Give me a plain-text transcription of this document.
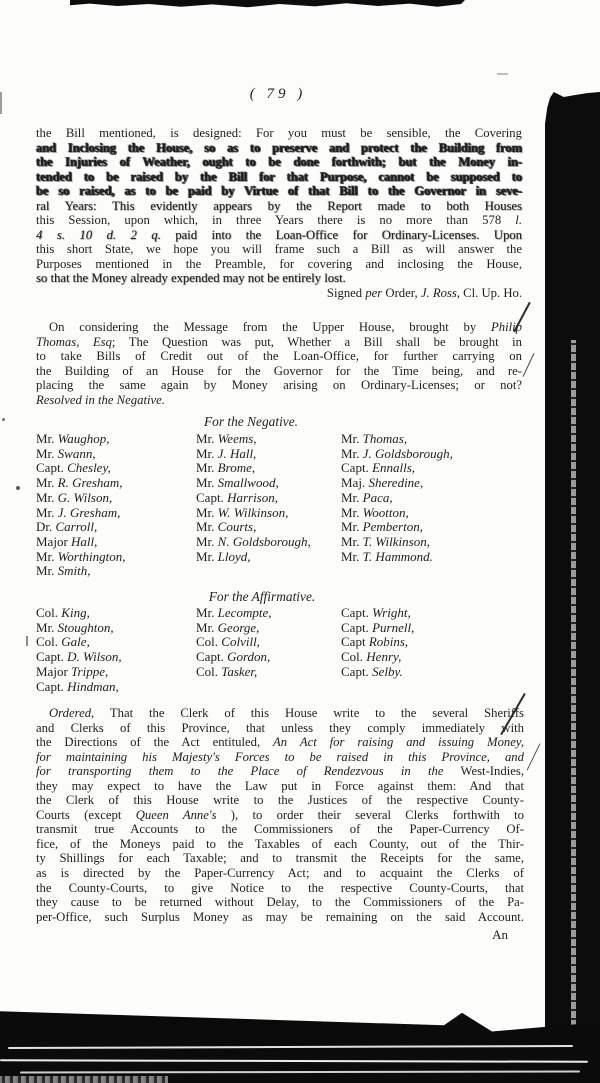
( 79 )
the Bill mentioned, is designed: For you must be sensible, the Covering
and Inclosing the House, so as to preserve and protect the Building from
the Injuries of Weather, ought to be done forthwith; but the Money in-
tended to be raised by the Bill for that Purpose, cannot be supposed to
be so raised, as to be paid by Virtue of that Bill to the Governor in seve-
ral Years: This evidently appears by the Report made to both Houses
this Session, upon which, in three Years there is no more than 578 l.
4 s. 10 d. 2 q. paid into the Loan-Office for Ordinary-Licenses. Upon
this short State, we hope you will frame such a Bill as will answer the
Purposes mentioned in the Preamble, for covering and inclosing the House,
so that the Money already expended may not be entirely lost.
Signed per Order, J. Ross, Cl. Up. Ho.
On considering the Message from the Upper House, brought by Philip
Thomas, Esq; The Question was put, Whether a Bill shall be brought in
to take Bills of Credit out of the Loan-Office, for further carrying on
the Building of an House for the Governor for the Time being, and re-
placing the same again by Money arising on Ordinary-Licenses; or not?
Resolved in the Negative.
For the Negative.
Mr. Waughop,
Mr. Swann,
Capt. Chesley,
Mr. R. Gresham,
Mr. G. Wilson,
Mr. J. Gresham,
Dr. Carroll,
Major Hall,
Mr. Worthington,
Mr. Smith,
Mr. Weems,
Mr. J. Hall,
Mr. Brome,
Mr. Smallwood,
Capt. Harrison,
Mr. W. Wilkinson,
Mr. Courts,
Mr. N. Goldsborough,
Mr. Lloyd,
Mr. Thomas,
Mr. J. Goldsborough,
Capt. Ennalls,
Maj. Sheredine,
Mr. Paca,
Mr. Wootton,
Mr. Pemberton,
Mr. T. Wilkinson,
Mr. T. Hammond.
For the Affirmative.
Col. King,
Mr. Stoughton,
Col. Gale,
Capt. D. Wilson,
Major Trippe,
Capt. Hindman,
Mr. Lecompte,
Mr. George,
Col. Colvill,
Capt. Gordon,
Col. Tasker,
Capt. Wright,
Capt. Purnell,
Capt Robins,
Col. Henry,
Capt. Selby.
Ordered, That the Clerk of this House write to the several Sheriffs
and Clerks of this Province, that unless they comply immediately with
the Directions of the Act entituled, An Act for raising and issuing Money,
for maintaining his Majesty's Forces to be raised in this Province, and
for transporting them to the Place of Rendezvous in the West-Indies,
they may expect to have the Law put in Force against them: And that
the Clerk of this House write to the Justices of the respective County-
Courts (except Queen Anne's ), to order their several Clerks forthwith to
transmit true Accounts to the Commissioners of the Paper-Currency Of-
fice, of the Moneys paid to the Taxables of each County, out of the Thir-
ty Shillings for each Taxable; and to transmit the Receipts for the same,
as is directed by the Paper-Currency Act; and to acquaint the Clerks of
the County-Courts, to give Notice to the respective County-Courts, that
they cause to be returned without Delay, to the Commissioners of the Pa-
per-Office, such Surplus Money as may be remaining on the said Account.
An
